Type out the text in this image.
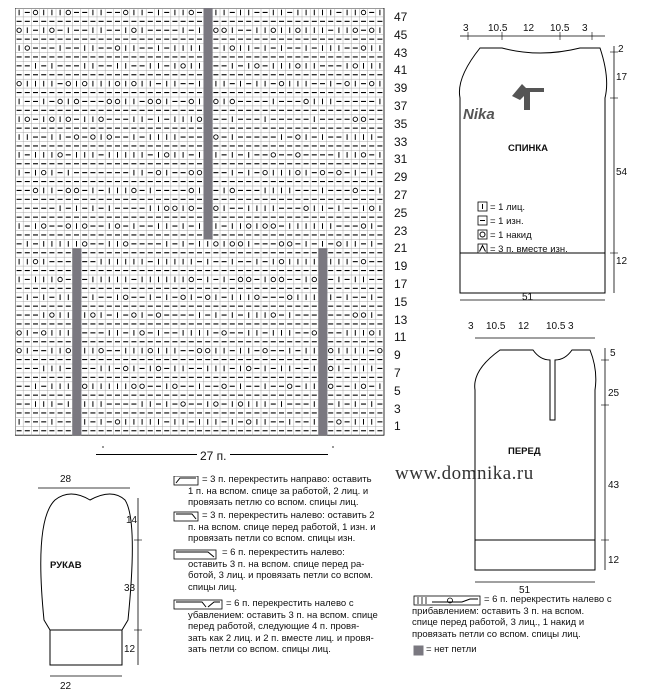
47
45
43
41
39
37
35
33
31
29
27
25
23
21
19
17
15
13
11
9
7
5
3
1
27 п.
3 10.5 12 10.5 3
2
17
54
12
51
Nika
СПИНКА
= 1 лиц.
= 1 изн.
= 1 накид
= 3 п. вместе изн.
3 10.5 12 10.5 3
5
25
43
12
51
ПЕРЕД
28
14
33
12
22
РУКАВ
www.domnika.ru
= 3 п. перекрестить направо: оставить
1 п. на вспом. спице за работой, 2 лиц. и
провязать петлю со вспом. спицы лиц.
= 3 п. перекрестить налево: оставить 2
п. на вспом. спице перед работой, 1 изн. и
провязать петли со вспом. спицы изн.
= 6 п. перекрестить налево:
оставить 3 п. на вспом. спице перед ра-
ботой, 3 лиц. и провязать петли со вспом.
спицы лиц.
= 6 п. перекрестить налево с
убавлением: оставить 3 п. на вспом. спице
перед работой, следующие 4 п. провя-
зать как 2 лиц. и 2 п. вместе лиц. и провя-
зать петли со вспом. спицы лиц.
= 6 п. перекрестить налево с
прибавлением: оставить 3 п. на вспом.
спице перед работой, 3 лиц., 1 накид и
провязать петли со вспом. спицы лиц.
= нет петли
